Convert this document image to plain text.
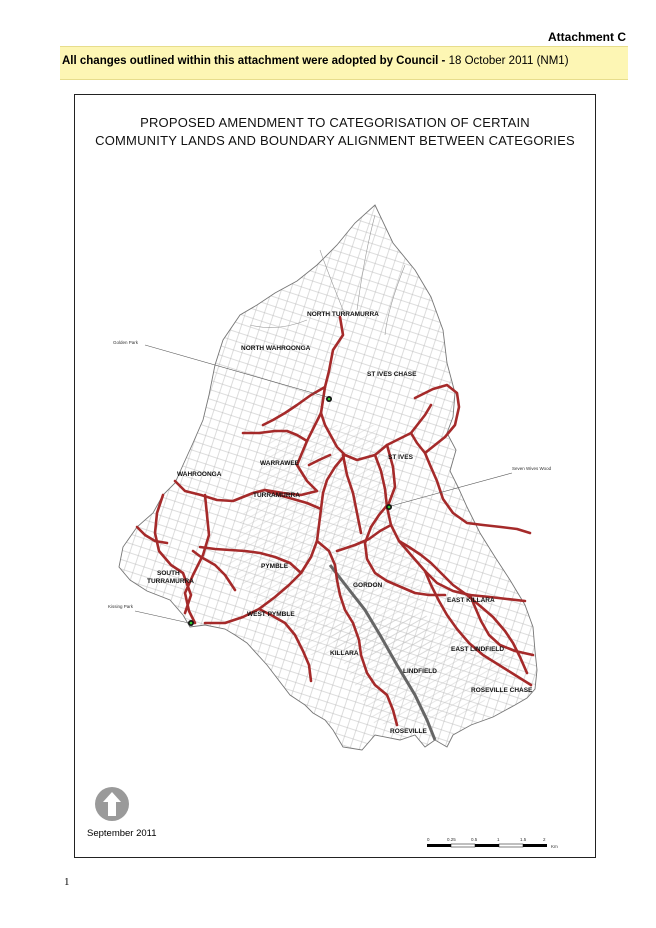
Attachment C
All changes outlined within this attachment were adopted by Council - 18 October 2011 (NM1)
PROPOSED AMENDMENT TO CATEGORISATION OF CERTAIN
COMMUNITY LANDS AND BOUNDARY ALIGNMENT BETWEEN CATEGORIES
NORTH TURRAMURRA
NORTH WAHROONGA
ST IVES CHASE
WAHROONGA
WARRAWEE
ST IVES
TURRAMURRA
PYMBLE
SOUTH
TURRAMURRA
GORDON
EAST KILLARA
WEST PYMBLE
KILLARA
EAST LINDFIELD
LINDFIELD
ROSEVILLE CHASE
ROSEVILLE
Golden Park
Seven Wives Wood
Kissing Park
September 2011
0	0.25	0.5	1	1.5	2
Km
1
